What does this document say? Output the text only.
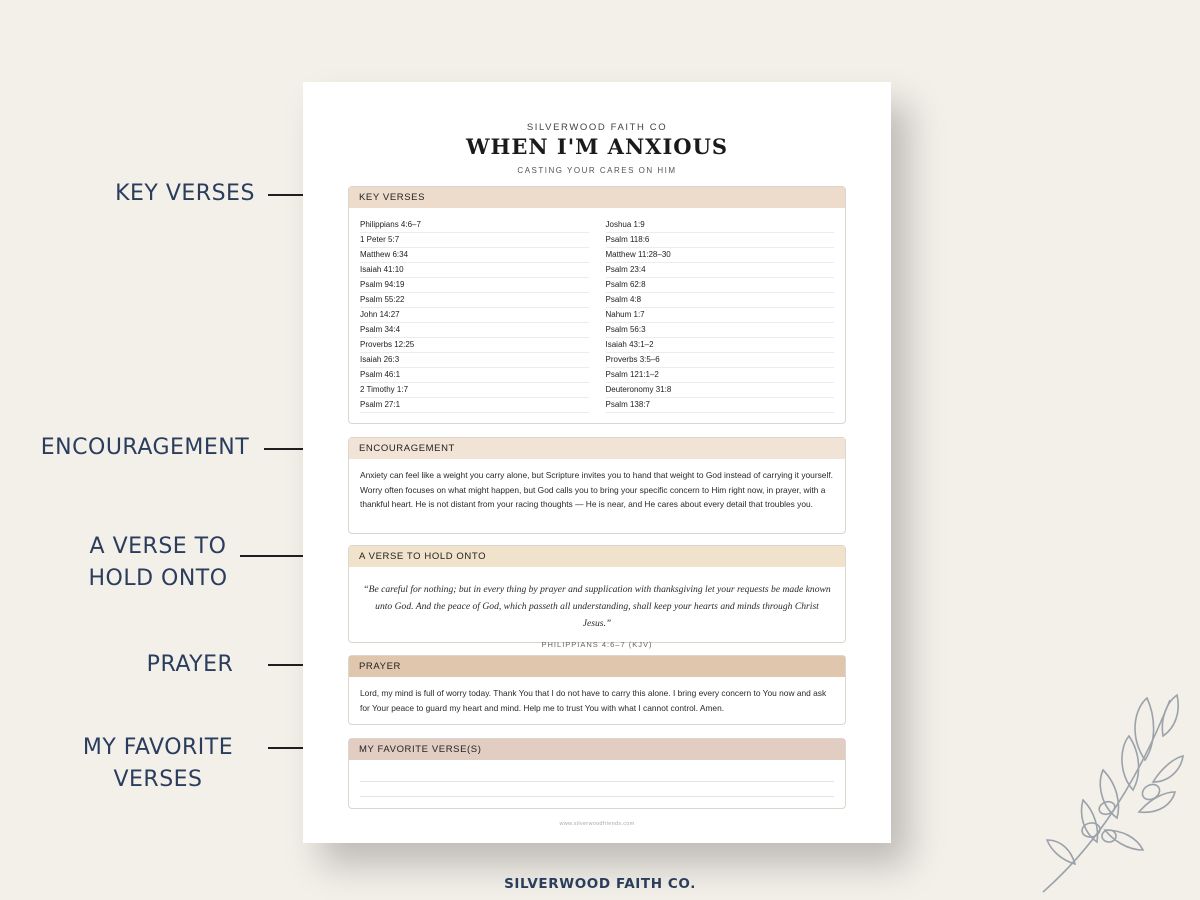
KEY VERSES
ENCOURAGEMENT
A VERSE TO
HOLD ONTO
PRAYER
MY FAVORITE
VERSES
SILVERWOOD FAITH CO
WHEN I'M ANXIOUS
CASTING YOUR CARES ON HIM
KEY VERSES
Philippians 4:6–7
1 Peter 5:7
Matthew 6:34
Isaiah 41:10
Psalm 94:19
Psalm 55:22
John 14:27
Psalm 34:4
Proverbs 12:25
Isaiah 26:3
Psalm 46:1
2 Timothy 1:7
Psalm 27:1
Joshua 1:9
Psalm 118:6
Matthew 11:28–30
Psalm 23:4
Psalm 62:8
Psalm 4:8
Nahum 1:7
Psalm 56:3
Isaiah 43:1–2
Proverbs 3:5–6
Psalm 121:1–2
Deuteronomy 31:8
Psalm 138:7
ENCOURAGEMENT
Anxiety can feel like a weight you carry alone, but Scripture invites you to hand that weight to God instead of carrying it yourself. Worry often focuses on what might happen, but God calls you to bring your specific concern to Him right now, in prayer, with a thankful heart. He is not distant from your racing thoughts — He is near, and He cares about every detail that troubles you.
A VERSE TO HOLD ONTO
“Be careful for nothing; but in every thing by prayer and supplication with thanksgiving let your requests be made known unto God. And the peace of God, which passeth all understanding, shall keep your hearts and minds through Christ Jesus.”
PHILIPPIANS 4:6–7 (KJV)
PRAYER
Lord, my mind is full of worry today. Thank You that I do not have to carry this alone. I bring every concern to You now and ask for Your peace to guard my heart and mind. Help me to trust You with what I cannot control. Amen.
MY FAVORITE VERSE(S)
www.silverwoodfriends.com
SILVERWOOD FAITH CO.
